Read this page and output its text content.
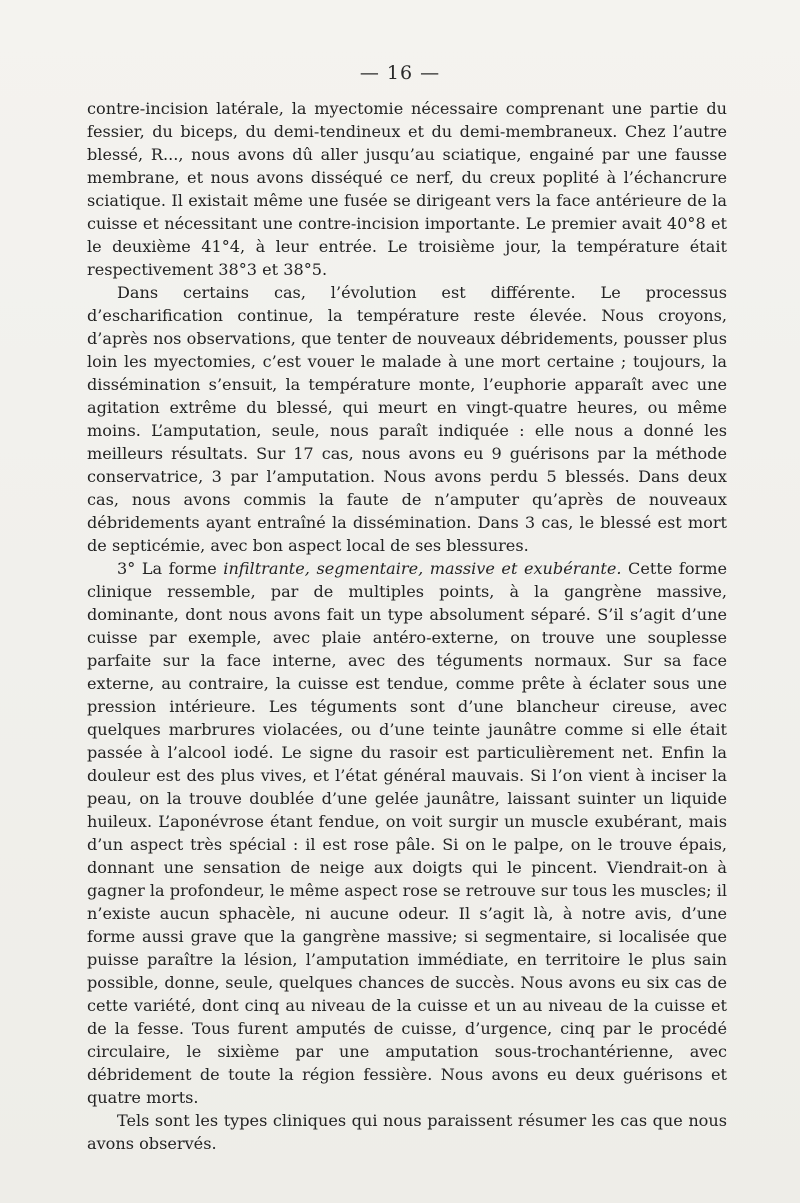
— 16 —

contre-incision latérale, la myectomie nécessaire comprenant une partie du fessier, du biceps, du demi-tendineux et du demi-membraneux. Chez l’autre blessé, R..., nous avons dû aller jusqu’au sciatique, engainé par une fausse membrane, et nous avons disséqué ce nerf, du creux poplité à l’échancrure sciatique. Il existait même une fusée se dirigeant vers la face antérieure de la cuisse et nécessitant une contre-incision importante. Le premier avait 40°8 et le deuxième 41°4, à leur entrée. Le troisième jour, la température était respectivement 38°3 et 38°5.

Dans certains cas, l’évolution est différente. Le processus d’escharification continue, la température reste élevée. Nous croyons, d’après nos observations, que tenter de nouveaux débridements, pousser plus loin les myectomies, c’est vouer le malade à une mort certaine ; toujours, la dissémination s’ensuit, la température monte, l’euphorie apparaît avec une agitation extrême du blessé, qui meurt en vingt-quatre heures, ou même moins. L’amputation, seule, nous paraît indiquée : elle nous a donné les meilleurs résultats. Sur 17 cas, nous avons eu 9 guérisons par la méthode conservatrice, 3 par l’amputation. Nous avons perdu 5 blessés. Dans deux cas, nous avons commis la faute de n’amputer qu’après de nouveaux débridements ayant entraîné la dissémination. Dans 3 cas, le blessé est mort de septicémie, avec bon aspect local de ses blessures.

3° La forme infiltrante, segmentaire, massive et exubérante. Cette forme clinique ressemble, par de multiples points, à la gangrène massive, dominante, dont nous avons fait un type absolument séparé. S’il s’agit d’une cuisse par exemple, avec plaie antéro-externe, on trouve une souplesse parfaite sur la face interne, avec des téguments normaux. Sur sa face externe, au contraire, la cuisse est tendue, comme prête à éclater sous une pression intérieure. Les téguments sont d’une blancheur cireuse, avec quelques marbrures violacées, ou d’une teinte jaunâtre comme si elle était passée à l’alcool iodé. Le signe du rasoir est particulièrement net. Enfin la douleur est des plus vives, et l’état général mauvais. Si l’on vient à inciser la peau, on la trouve doublée d’une gelée jaunâtre, laissant suinter un liquide huileux. L’aponévrose étant fendue, on voit surgir un muscle exubérant, mais d’un aspect très spécial : il est rose pâle. Si on le palpe, on le trouve épais, donnant une sensation de neige aux doigts qui le pincent. Viendrait-on à gagner la profondeur, le même aspect rose se retrouve sur tous les muscles; il n’existe aucun sphacèle, ni aucune odeur. Il s’agit là, à notre avis, d’une forme aussi grave que la gangrène massive; si segmentaire, si localisée que puisse paraître la lésion, l’amputation immédiate, en territoire le plus sain possible, donne, seule, quelques chances de succès. Nous avons eu six cas de cette variété, dont cinq au niveau de la cuisse et un au niveau de la cuisse et de la fesse. Tous furent amputés de cuisse, d’urgence, cinq par le procédé circulaire, le sixième par une amputation sous-trochantérienne, avec débridement de toute la région fessière. Nous avons eu deux guérisons et quatre morts.

Tels sont les types cliniques qui nous paraissent résumer les cas que nous avons observés.
